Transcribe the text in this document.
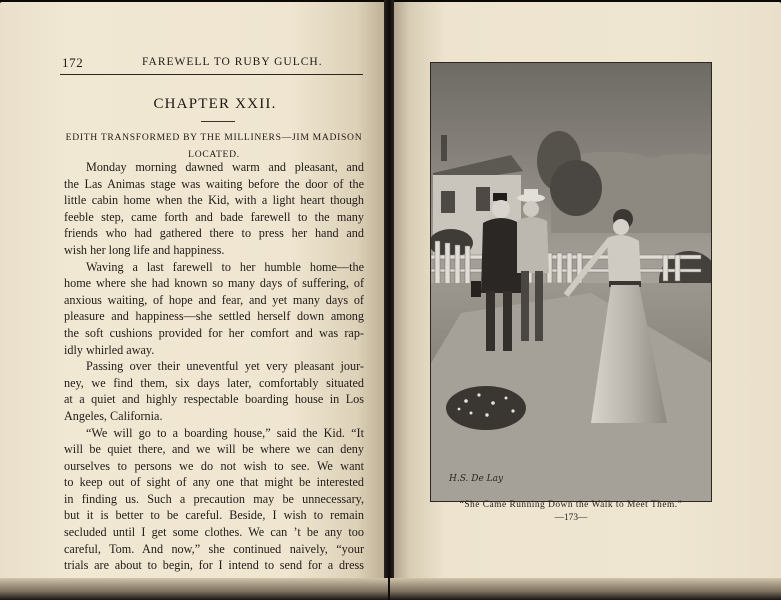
172	FAREWELL TO RUBY GULCH.
CHAPTER XXII.
EDITH TRANSFORMED BY THE MILLINERS—JIM MADISON
LOCATED.
Monday morning dawned warm and pleasant, and
the Las Animas stage was waiting before the door of the
little cabin home when the Kid, with a light heart though
feeble step, came forth and bade farewell to the many
friends who had gathered there to press her hand and
wish her long life and happiness.
Waving a last farewell to her humble home—the
home where she had known so many days of suffering, of
anxious waiting, of hope and fear, and yet many days of
pleasure and happiness—she settled herself down among
the soft cushions provided for her comfort and was rap-
idly whirled away.
Passing over their uneventful yet very pleasant jour-
ney, we find them, six days later, comfortably situated
at a quiet and highly respectable boarding house in Los
Angeles, California.
“We will go to a boarding house,” said the Kid. “It
will be quiet there, and we will be where we can deny
ourselves to persons we do not wish to see. We want
to keep out of sight of any one that might be interested
in finding us. Such a precaution may be unnecessary,
but it is better to be careful. Beside, I wish to remain
secluded until I get some clothes. We can ’t be any too
careful, Tom. And now,” she continued naively, “your
trials are about to begin, for I intend to send for a dress
H.S. De Lay
“She Came Running Down the Walk to Meet Them.”
—173—
